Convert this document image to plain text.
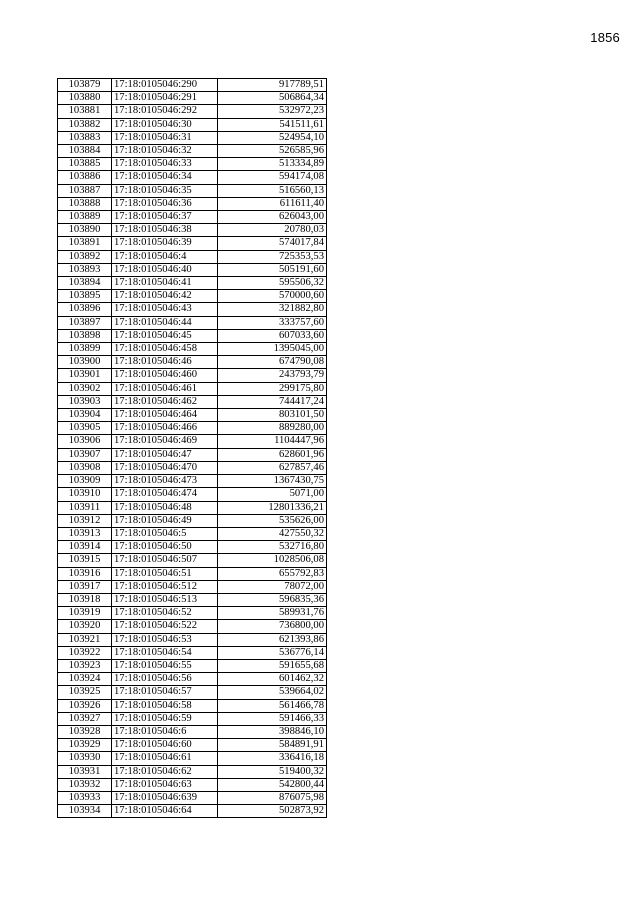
1856
103879	17:18:0105046:290	917789,51
103880	17:18:0105046:291	506864,34
103881	17:18:0105046:292	532972,23
103882	17:18:0105046:30	541511,61
103883	17:18:0105046:31	524954,10
103884	17:18:0105046:32	526585,96
103885	17:18:0105046:33	513334,89
103886	17:18:0105046:34	594174,08
103887	17:18:0105046:35	516560,13
103888	17:18:0105046:36	611611,40
103889	17:18:0105046:37	626043,00
103890	17:18:0105046:38	20780,03
103891	17:18:0105046:39	574017,84
103892	17:18:0105046:4	725353,53
103893	17:18:0105046:40	505191,60
103894	17:18:0105046:41	595506,32
103895	17:18:0105046:42	570000,60
103896	17:18:0105046:43	321882,80
103897	17:18:0105046:44	333757,60
103898	17:18:0105046:45	607033,60
103899	17:18:0105046:458	1395045,00
103900	17:18:0105046:46	674790,08
103901	17:18:0105046:460	243793,79
103902	17:18:0105046:461	299175,80
103903	17:18:0105046:462	744417,24
103904	17:18:0105046:464	803101,50
103905	17:18:0105046:466	889280,00
103906	17:18:0105046:469	1104447,96
103907	17:18:0105046:47	628601,96
103908	17:18:0105046:470	627857,46
103909	17:18:0105046:473	1367430,75
103910	17:18:0105046:474	5071,00
103911	17:18:0105046:48	12801336,21
103912	17:18:0105046:49	535626,00
103913	17:18:0105046:5	427550,32
103914	17:18:0105046:50	532716,80
103915	17:18:0105046:507	1028506,08
103916	17:18:0105046:51	655792,83
103917	17:18:0105046:512	78072,00
103918	17:18:0105046:513	596835,36
103919	17:18:0105046:52	589931,76
103920	17:18:0105046:522	736800,00
103921	17:18:0105046:53	621393,86
103922	17:18:0105046:54	536776,14
103923	17:18:0105046:55	591655,68
103924	17:18:0105046:56	601462,32
103925	17:18:0105046:57	539664,02
103926	17:18:0105046:58	561466,78
103927	17:18:0105046:59	591466,33
103928	17:18:0105046:6	398846,10
103929	17:18:0105046:60	584891,91
103930	17:18:0105046:61	336416,18
103931	17:18:0105046:62	519400,32
103932	17:18:0105046:63	542800,44
103933	17:18:0105046:639	876075,98
103934	17:18:0105046:64	502873,92
